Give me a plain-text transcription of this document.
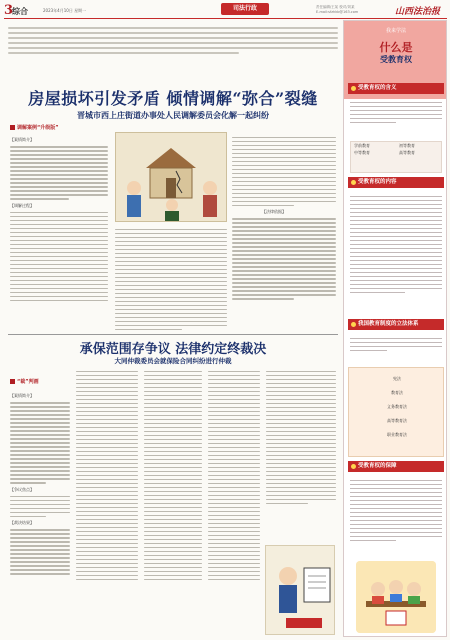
3
综合	2023年4月10日 星期一	司法行政	责任编辑/王某 校对/刘某
E-mail:sfzhkb@163.com	山西法治报
房屋损坏引发矛盾 倾情调解“弥合”裂缝
晋城市西上庄街道办事处人民调解委员会化解一起纠纷
调解案例“升级版”
【案情简介】
【调解过程】
【法律依据】
承保范围存争议 法律约定终裁决
大同仲裁委员会就保险合同纠纷进行仲裁
“裁”判画
【案情简介】
【争议焦点】
【裁决结果】
我来学法
什么是
受教育权
受教育权的含义
学前教育	初等教育
中等教育	高等教育
受教育权的内容
我国教育制度的立法体系
宪法
教育法
义务教育法
高等教育法
职业教育法
受教育权的保障
